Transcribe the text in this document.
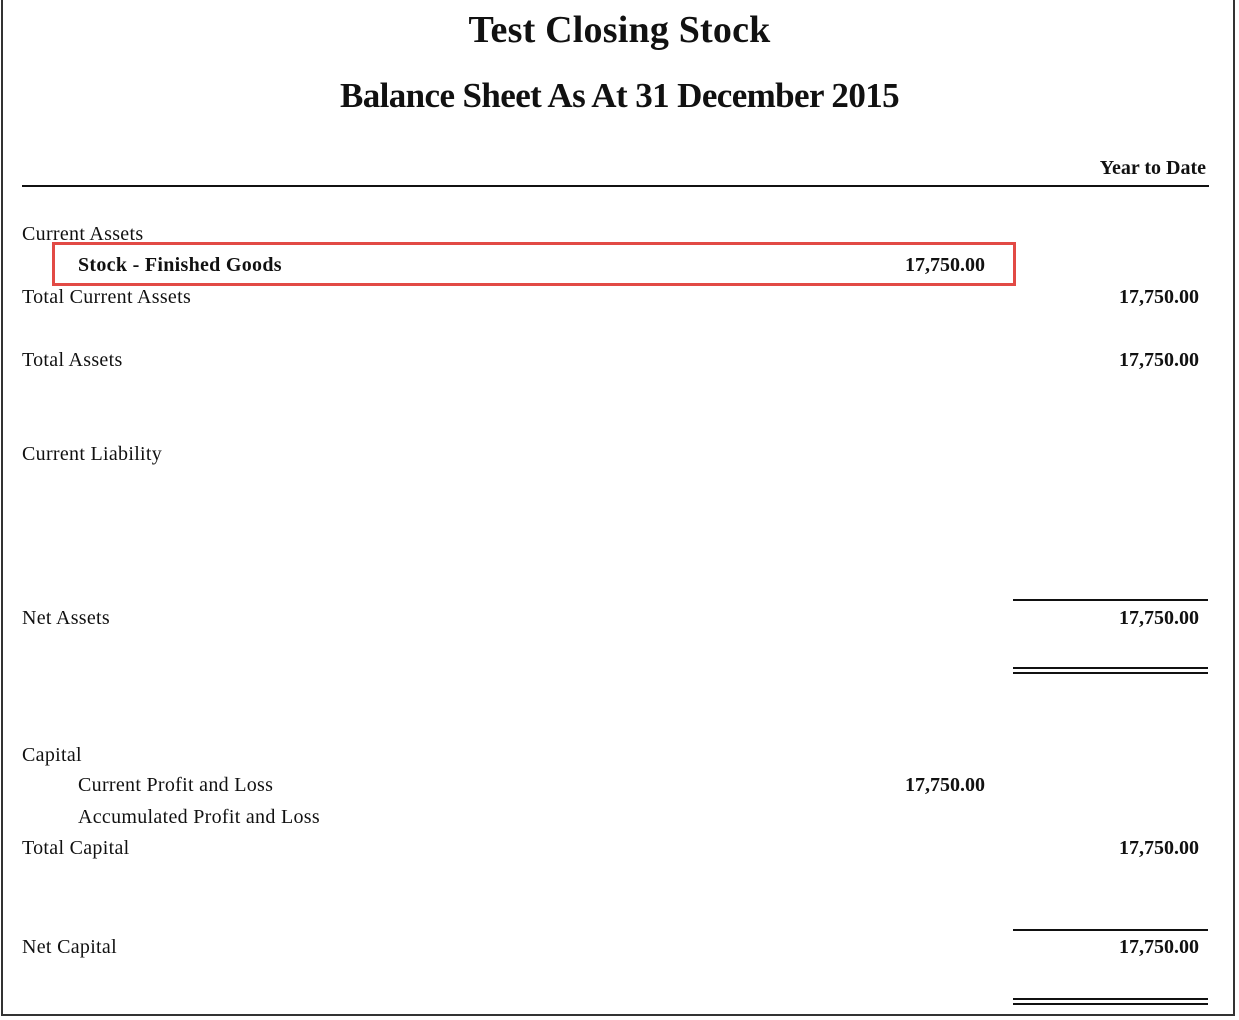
Test Closing Stock
Balance Sheet As At 31 December 2015
Year to Date
Current Assets
Stock - Finished Goods	17,750.00
Total Current Assets	17,750.00
Total Assets	17,750.00
Current Liability
Net Assets	17,750.00
Capital
Current Profit and Loss	17,750.00
Accumulated Profit and Loss
Total Capital	17,750.00
Net Capital	17,750.00
